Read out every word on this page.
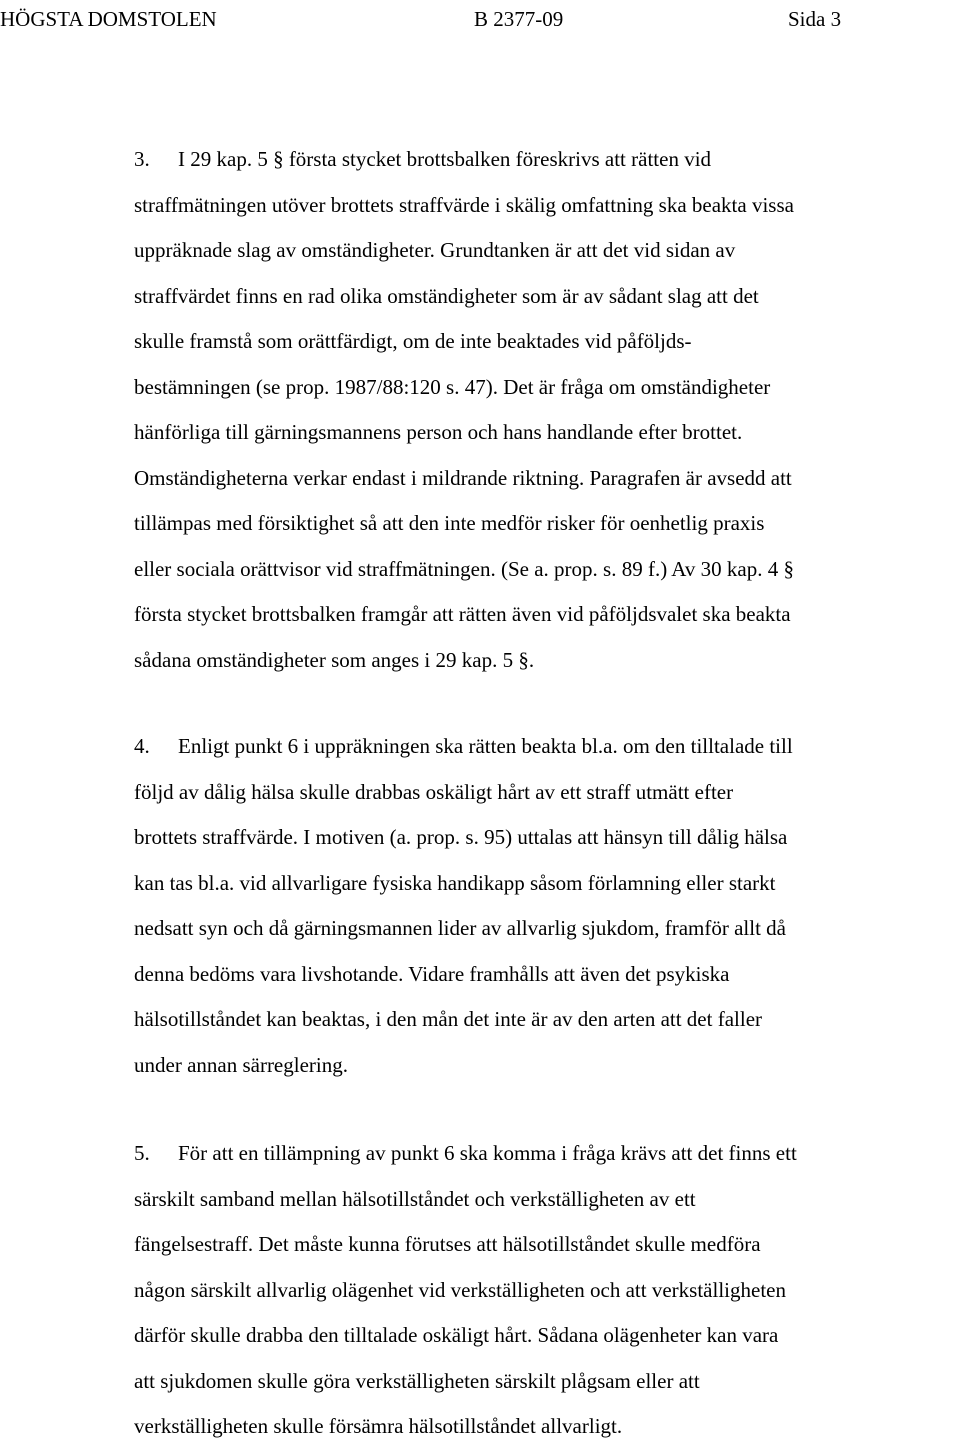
HÖGSTA DOMSTOLEN	B 2377-09	Sida 3
3. I 29 kap. 5 § första stycket brottsbalken föreskrivs att rätten vid
straffmätningen utöver brottets straffvärde i skälig omfattning ska beakta vissa
uppräknade slag av omständigheter. Grundtanken är att det vid sidan av
straffvärdet finns en rad olika omständigheter som är av sådant slag att det
skulle framstå som orättfärdigt, om de inte beaktades vid påföljds-
bestämningen (se prop. 1987/88:120 s. 47). Det är fråga om omständigheter
hänförliga till gärningsmannens person och hans handlande efter brottet.
Omständigheterna verkar endast i mildrande riktning. Paragrafen är avsedd att
tillämpas med försiktighet så att den inte medför risker för oenhetlig praxis
eller sociala orättvisor vid straffmätningen. (Se a. prop. s. 89 f.) Av 30 kap. 4 §
första stycket brottsbalken framgår att rätten även vid påföljdsvalet ska beakta
sådana omständigheter som anges i 29 kap. 5 §.
4. Enligt punkt 6 i uppräkningen ska rätten beakta bl.a. om den tilltalade till
följd av dålig hälsa skulle drabbas oskäligt hårt av ett straff utmätt efter
brottets straffvärde. I motiven (a. prop. s. 95) uttalas att hänsyn till dålig hälsa
kan tas bl.a. vid allvarligare fysiska handikapp såsom förlamning eller starkt
nedsatt syn och då gärningsmannen lider av allvarlig sjukdom, framför allt då
denna bedöms vara livshotande. Vidare framhålls att även det psykiska
hälsotillståndet kan beaktas, i den mån det inte är av den arten att det faller
under annan särreglering.
5. För att en tillämpning av punkt 6 ska komma i fråga krävs att det finns ett
särskilt samband mellan hälsotillståndet och verkställigheten av ett
fängelsestraff. Det måste kunna förutses att hälsotillståndet skulle medföra
någon särskilt allvarlig olägenhet vid verkställigheten och att verkställigheten
därför skulle drabba den tilltalade oskäligt hårt. Sådana olägenheter kan vara
att sjukdomen skulle göra verkställigheten särskilt plågsam eller att
verkställigheten skulle försämra hälsotillståndet allvarligt.
